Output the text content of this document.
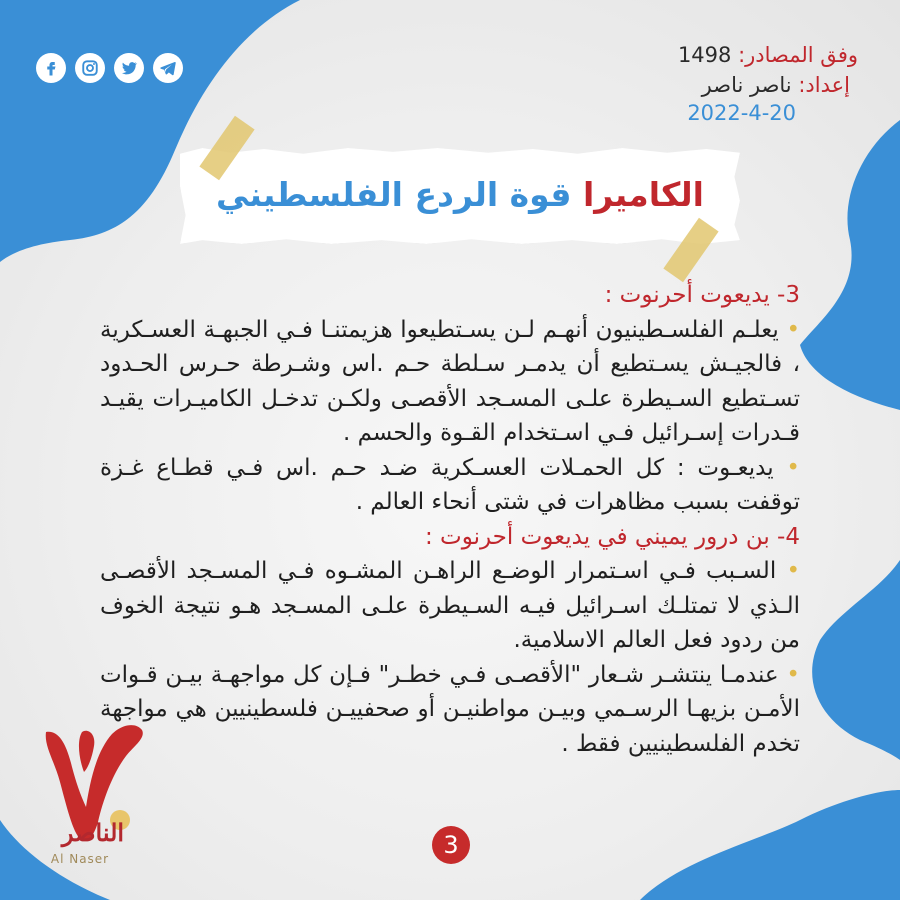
وفق المصادر: 1498
إعداد: ناصر ناصر
2022-4-20
الكاميرا قوة الردع الفلسطيني
3- يديعوت أحرنوت :
• يعلـم الفلسـطينيون أنهـم لـن يسـتطيعوا هزيمتنـا فـي الجبهـة العسـكرية ، فالجيـش يسـتطيع أن يدمـر سـلطة حـم .اس وشـرطة حـرس الحـدود تسـتطيع السـيطرة علـى المسـجد الأقصـى ولكـن تدخـل الكاميـرات يقيـد قـدرات إسـرائيل فـي اسـتخدام القـوة والحسم .
• يديعـوت : كل الحمـلات العسـكرية ضـد حـم .اس فـي قطـاع غـزة توقفت بسبب مظاهرات في شتى أنحاء العالم .
4- بن درور يميني في يديعوت أحرنوت :
• السـبب فـي اسـتمرار الوضـع الراهـن المشـوه فـي المسـجد الأقصـى الـذي لا تمتلـك اسـرائيل فيـه السـيطرة علـى المسـجد هـو نتيجة الخوف من ردود فعل العالم الاسلامية.
• عندمـا ينتشـر شـعار "الأقصـى فـي خطـر" فـإن كل مواجهـة بيـن قـوات الأمـن بزيهـا الرسـمي وبيـن مواطنيـن أو صحفييـن فلسطينيين هي مواجهة تخدم الفلسطينيين فقط .
الناصر
Al Naser	3
